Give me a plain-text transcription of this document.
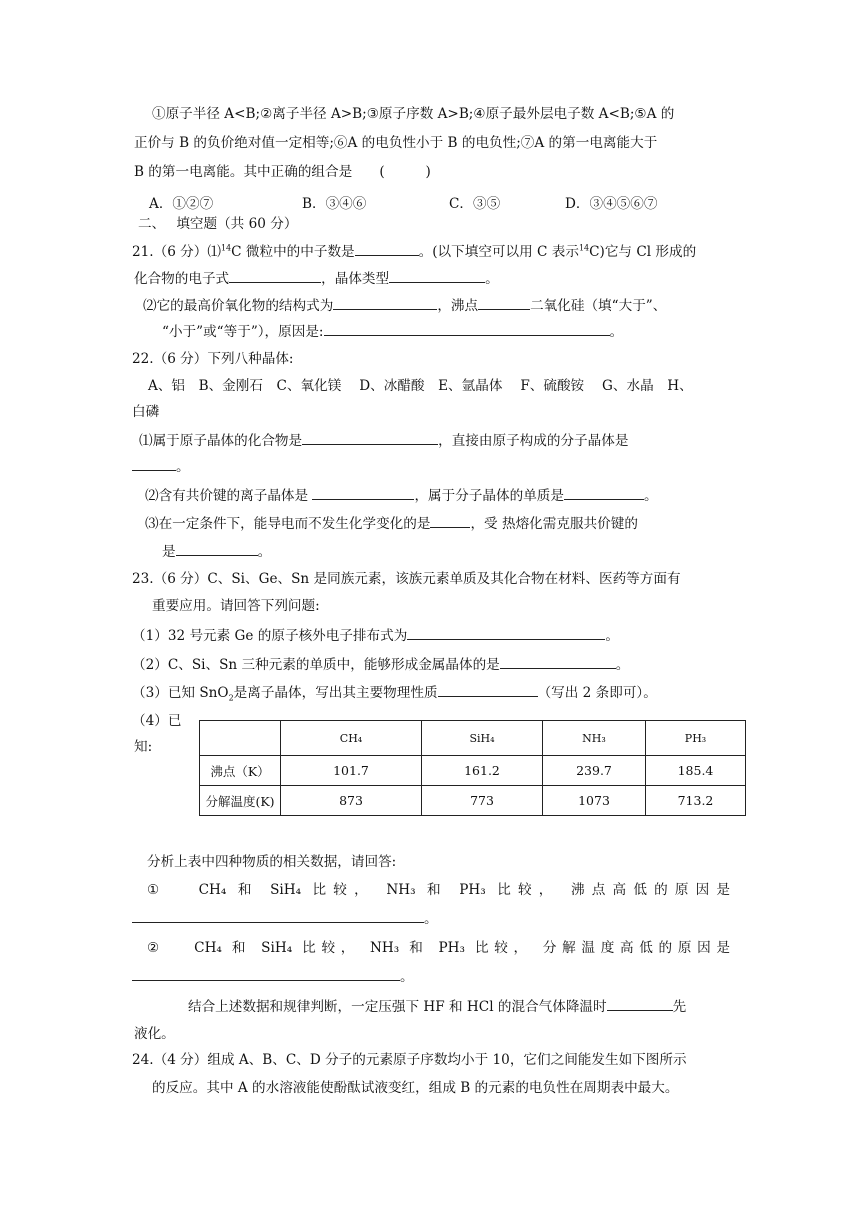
①原子半径 A<B;②离子半径 A>B;③原子序数 A>B;④原子最外层电子数 A<B;⑤A 的
正价与 B 的负价绝对值一定相等;⑥A 的电负性小于 B 的电负性;⑦A 的第一电离能大于
B 的第一电离能。其中正确的组合是　　 (　　　)
A．①②⑦	B．③④⑥	C．③⑤	D．③④⑤⑥⑦
二、　 填空题（共 60 分）
21.（6 分）⑴$^{14}$C 微粒中的中子数是	。(以下填空可以用 C 表示$^{14}$C)它与 Cl 形成的
化合物的电子式	，晶体类型	。
⑵它的最高价氧化物的结构式为	，沸点	二氧化硅（填“大于”、
“小于”或“等于”），原因是:	。
22.（6 分）下列八种晶体:
A、铝　B、金刚石　C、氧化镁　 D、冰醋酸　E、氩晶体　 F、硫酸铵　 G、水晶　H、
白磷
⑴属于原子晶体的化合物是	，直接由原子构成的分子晶体是
。
⑵含有共价键的离子晶体是	，属于分子晶体的单质是	。
⑶在一定条件下，能导电而不发生化学变化的是	，受 热熔化需克服共价键的
是	。
23.（6 分）C、Si、Ge、Sn 是同族元素，该族元素单质及其化合物在材料、医药等方面有
重要应用。请回答下列问题:
（1）32 号元素 Ge 的原子核外电子排布式为	。
（2）C、Si、Sn 三种元素的单质中，能够形成金属晶体的是	。
（3）已知 SnO$_2$是离子晶体，写出其主要物理性质	（写出 2 条即可）。
（4）已
知:
	CH₄	SiH₄	NH₃	PH₃
沸点（K）	101.7	161.2	239.7	185.4
分解温度(K)	873	773	1073	713.2
分析上表中四种物质的相关数据，请回答:
①　 CH₄ 和 SiH₄ 比较， NH₃ 和 PH₃ 比较， 沸点高低的原因是
。
②　 CH₄ 和 SiH₄ 比较， NH₃ 和 PH₃ 比较， 分解温度高低的原因是
。
结合上述数据和规律判断，一定压强下 HF 和 HCl 的混合气体降温时	先
液化。
24.（4 分）组成 A、B、C、D 分子的元素原子序数均小于 10，它们之间能发生如下图所示
的反应。其中 A 的水溶液能使酚酞试液变红，组成 B 的元素的电负性在周期表中最大。
